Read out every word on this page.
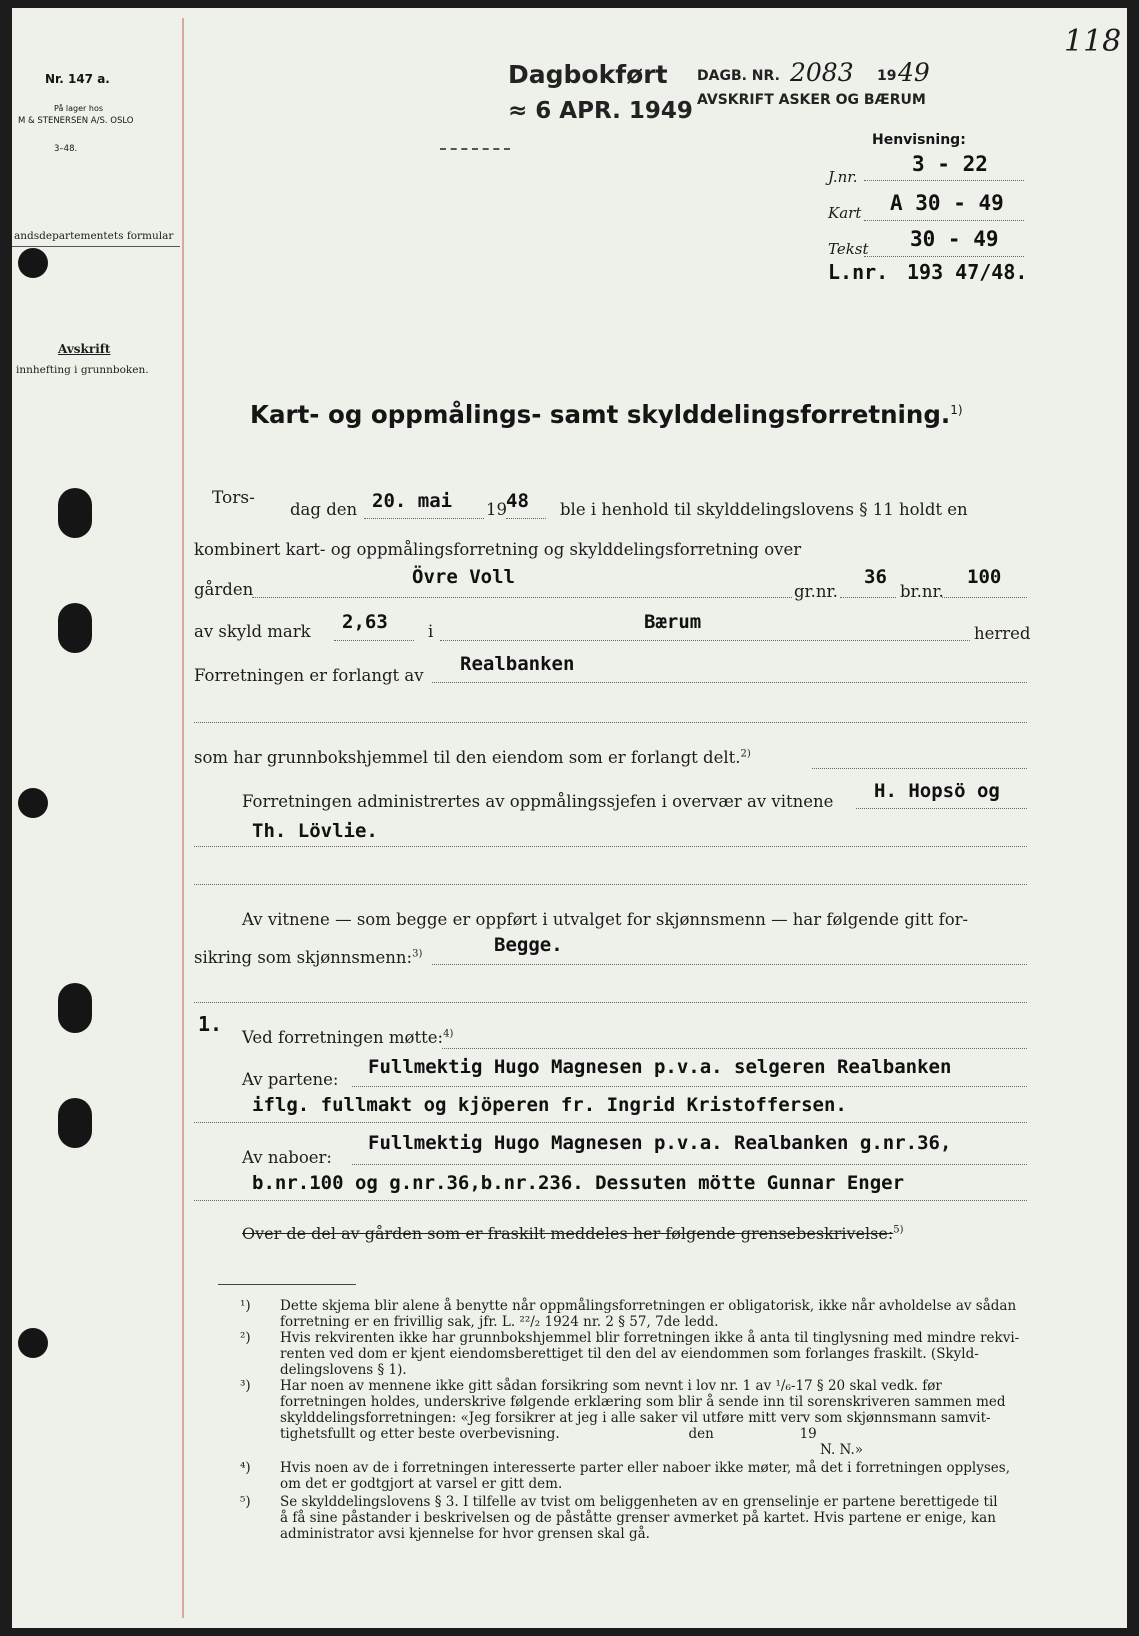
118
Nr. 147 a.
På lager hos
M & STENERSEN A/S. OSLO
3–48.
andsdepartementets formular
Avskrift
innhefting i grunnboken.
Dagbokført
≈ 6 APR. 1949
DAGB. NR. 2083 19 49
AVSKRIFT ASKER OG BÆRUM
Henvisning:
J.nr.
3 - 22
Kart A 30 - 49
Tekst 30 - 49
L.nr. 193 47/48.
Kart- og oppmålings- samt skylddelingsforretning.$^{1)}$
Tors-
dag den 20. mai 19 48 ble i henhold til skylddelingslovens § 11 holdt en
kombinert kart- og oppmålingsforretning og skylddelingsforretning over
gården
Övre Voll
gr.nr.
36
br.nr.
100
av skyld mark 2,63 i	Bærum
herred
Forretningen er forlangt av
Realbanken
som har grunnbokshjemmel til den eiendom som er forlangt delt.$^{2)}$
Forretningen administrertes av oppmålingssjefen i overvær av vitnene H. Hopsö og
Th. Lövlie.
Av vitnene — som begge er oppført i utvalget for skjønnsmenn — har følgende gitt for-
sikring som skjønnsmenn:$^{3)}$	Begge.
1.
Ved forretningen møtte:$^{4)}$
Av partene:
Fullmektig Hugo Magnesen p.v.a. selgeren Realbanken
iflg. fullmakt og kjöperen fr. Ingrid Kristoffersen.
Av naboer:
Fullmektig Hugo Magnesen p.v.a. Realbanken g.nr.36,
b.nr.100 og g.nr.36,b.nr.236. Dessuten mötte Gunnar Enger
Over de del av gården som er fraskilt meddeles her følgende grensebeskrivelse:$^{5)}$
¹) Dette skjema blir alene å benytte når oppmålingsforretningen er obligatorisk, ikke når avholdelse av sådan
forretning er en frivillig sak, jfr. L. ²²/₂ 1924 nr. 2 § 57, 7de ledd.
²) Hvis rekvirenten ikke har grunnbokshjemmel blir forretningen ikke å anta til tinglysning med mindre rekvi-
renten ved dom er kjent eiendomsberettiget til den del av eiendommen som forlanges fraskilt. (Skyld-
delingslovens § 1).
³) Har noen av mennene ikke gitt sådan forsikring som nevnt i lov nr. 1 av ¹/₆-17 § 20 skal vedk. før
forretningen holdes, underskrive følgende erklæring som blir å sende inn til sorenskriveren sammen med
skylddelingsforretningen: «Jeg forsikrer at jeg i alle saker vil utføre mitt verv som skjønnsmann samvit-
tighetsfullt og etter beste overbevisning.                              den                    19
N. N.»
⁴) Hvis noen av de i forretningen interesserte parter eller naboer ikke møter, må det i forretningen opplyses,
om det er godtgjort at varsel er gitt dem.
⁵) Se skylddelingslovens § 3. I tilfelle av tvist om beliggenheten av en grenselinje er partene berettigede til
å få sine påstander i beskrivelsen og de påståtte grenser avmerket på kartet. Hvis partene er enige, kan
administrator avsi kjennelse for hvor grensen skal gå.
